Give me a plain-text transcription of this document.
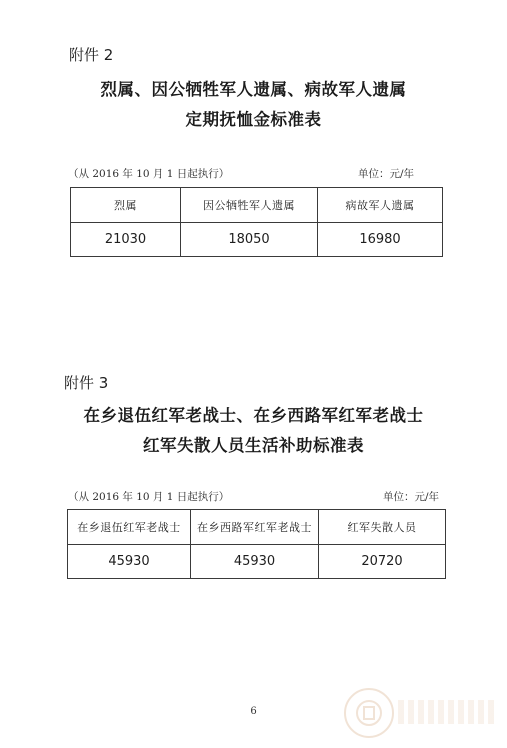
附件 2
烈属、因公牺牲军人遗属、病故军人遗属
定期抚恤金标准表
（从 2016 年 10 月 1 日起执行）	单位：元/年
烈属	因公牺牲军人遗属	病故军人遗属
21030	18050	16980
附件 3
在乡退伍红军老战士、在乡西路军红军老战士
红军失散人员生活补助标准表
（从 2016 年 10 月 1 日起执行）	单位：元/年
在乡退伍红军老战士	在乡西路军红军老战士	红军失散人员
45930	45930	20720
6
